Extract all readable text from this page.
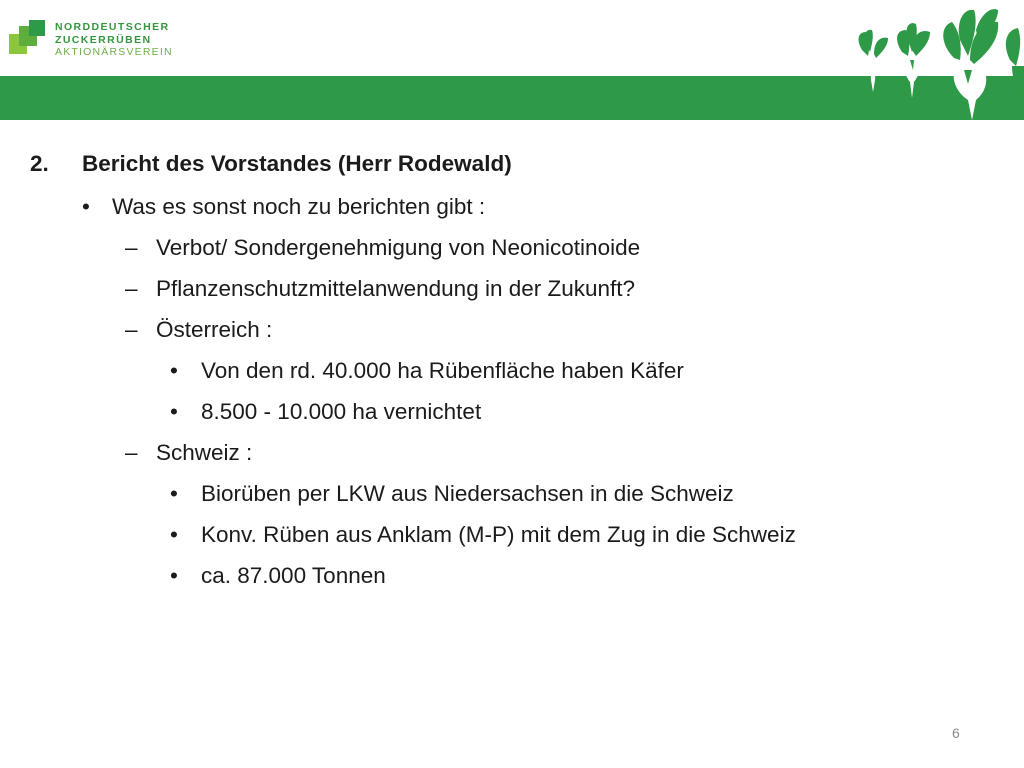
NORDDEUTSCHER
ZUCKERRÜBEN
AKTIONÄRSVEREIN
2. Bericht des Vorstandes (Herr Rodewald)
• Was es sonst noch zu berichten gibt :
– Verbot/ Sondergenehmigung von Neonicotinoide
– Pflanzenschutzmittelanwendung in der Zukunft?
– Österreich :
• Von den rd. 40.000 ha Rübenfläche haben Käfer
• 8.500 - 10.000 ha vernichtet
– Schweiz :
• Biorüben per LKW aus Niedersachsen in die Schweiz
• Konv. Rüben aus Anklam (M-P) mit dem Zug in die Schweiz
• ca. 87.000 Tonnen
6
